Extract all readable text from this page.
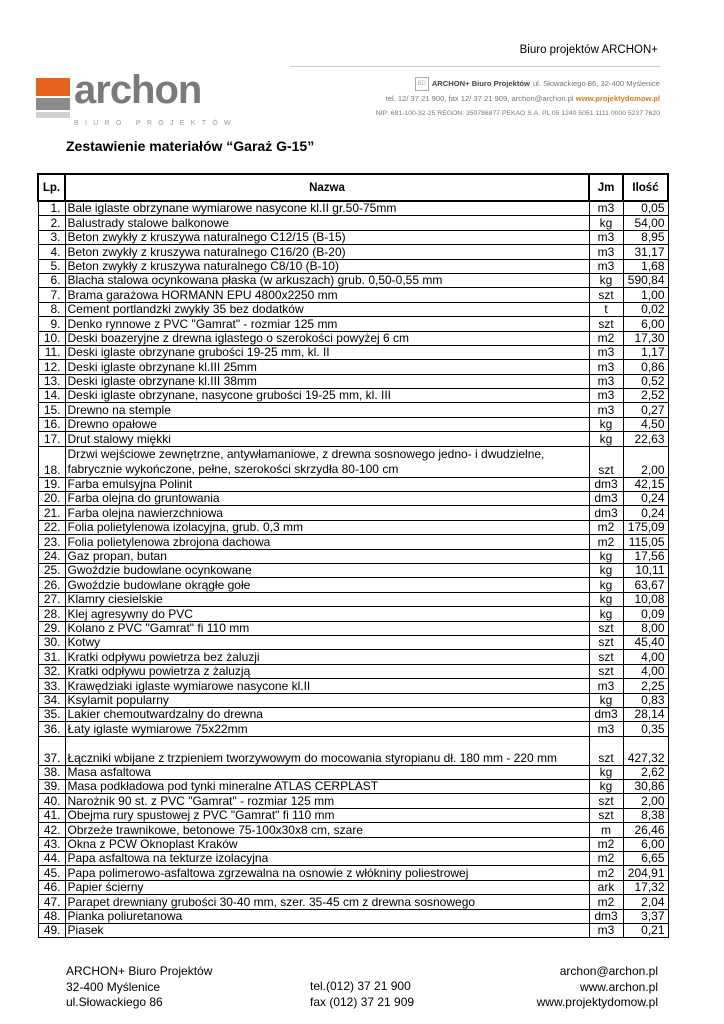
Biuro projektów ARCHON+
archon
BIURO PROJEKTÓW
BD ARCHON+ Biuro Projektów ul. Słowackiego 86, 32-400 Myślenice
tel. 12/ 37 21 900, fax 12/ 37 21 909, archon@archon.pl www.projektydomow.pl
NIP: 681-100-32-25 REGON: 350786877 PEKAO S.A. PL 05 1240 5051 1111 0000 5237 7620
Zestawienie materiałów “Garaż G-15”
Lp.	Nazwa	Jm	Ilość
1.	Bale iglaste obrzynane wymiarowe nasycone kl.II gr.50-75mm	m3	0,05
2.	Balustrady stalowe balkonowe	kg	54,00
3.	Beton zwykły z kruszywa naturalnego C12/15 (B-15)	m3	8,95
4.	Beton zwykły z kruszywa naturalnego C16/20 (B-20)	m3	31,17
5.	Beton zwykły z kruszywa naturalnego C8/10 (B-10)	m3	1,68
6.	Blacha stalowa ocynkowana płaska (w arkuszach) grub. 0,50-0,55 mm	kg	590,84
7.	Brama garażowa HORMANN EPU 4800x2250 mm	szt	1,00
8.	Cement portlandzki zwykły 35 bez dodatków	t	0,02
9.	Denko rynnowe z PVC "Gamrat" - rozmiar 125 mm	szt	6,00
10.	Deski boazeryjne z drewna iglastego o szerokości powyżej 6 cm	m2	17,30
11.	Deski iglaste obrzynane grubości 19-25 mm, kl. II	m3	1,17
12.	Deski iglaste obrzynane kl.III 25mm	m3	0,86
13.	Deski iglaste obrzynane kl.III 38mm	m3	0,52
14.	Deski iglaste obrzynane, nasycone grubości 19-25 mm, kl. III	m3	2,52
15.	Drewno na stemple	m3	0,27
16.	Drewno opałowe	kg	4,50
17.	Drut stalowy miękki	kg	22,63
18.	Drzwi wejściowe zewnętrzne, antywłamaniowe, z drewna sosnowego jedno- i dwudzielne, fabrycznie wykończone, pełne, szerokości skrzydła 80-100 cm	szt	2,00
19.	Farba emulsyjna Polinit	dm3	42,15
20.	Farba olejna do gruntowania	dm3	0,24
21.	Farba olejna nawierzchniowa	dm3	0,24
22.	Folia polietylenowa izolacyjna, grub. 0,3 mm	m2	175,09
23.	Folia polietylenowa zbrojona dachowa	m2	115,05
24.	Gaz propan, butan	kg	17,56
25.	Gwoździe budowlane ocynkowane	kg	10,11
26.	Gwoździe budowlane okrągłe gołe	kg	63,67
27.	Klamry ciesielskie	kg	10,08
28.	Klej agresywny do PVC	kg	0,09
29.	Kolano z PVC "Gamrat" fi 110 mm	szt	8,00
30.	Kotwy	szt	45,40
31.	Kratki odpływu powietrza bez żaluzji	szt	4,00
32.	Kratki odpływu powietrza z żaluzją	szt	4,00
33.	Krawędziaki iglaste wymiarowe nasycone kl.II	m3	2,25
34.	Ksylamit popularny	kg	0,83
35.	Lakier chemoutwardzalny do drewna	dm3	28,14
36.	Łaty iglaste wymiarowe 75x22mm	m3	0,35
37.	Łączniki wbijane z trzpieniem tworzywowym do mocowania styropianu dł. 180 mm - 220 mm	szt	427,32
38.	Masa asfaltowa	kg	2,62
39.	Masa podkładowa pod tynki mineralne ATLAS CERPLAST	kg	30,86
40.	Narożnik 90 st. z PVC "Gamrat" - rozmiar 125 mm	szt	2,00
41.	Obejma rury spustowej z PVC "Gamrat" fi 110 mm	szt	8,38
42.	Obrzeże trawnikowe, betonowe 75-100x30x8 cm, szare	m	26,46
43.	Okna z PCW Oknoplast Kraków	m2	6,00
44.	Papa asfaltowa na tekturze izolacyjna	m2	6,65
45.	Papa polimerowo-asfaltowa zgrzewalna na osnowie z włókniny poliestrowej	m2	204,91
46.	Papier ścierny	ark	17,32
47.	Parapet drewniany grubości 30-40 mm, szer. 35-45 cm z drewna sosnowego	m2	2,04
48.	Pianka poliuretanowa	dm3	3,37
49.	Piasek	m3	0,21
ARCHON+ Biuro Projektów
32-400 Myślenice
ul.Słowackiego 86
tel.(012) 37 21 900
fax (012) 37 21 909
archon@archon.pl
www.archon.pl
www.projektydomow.pl
